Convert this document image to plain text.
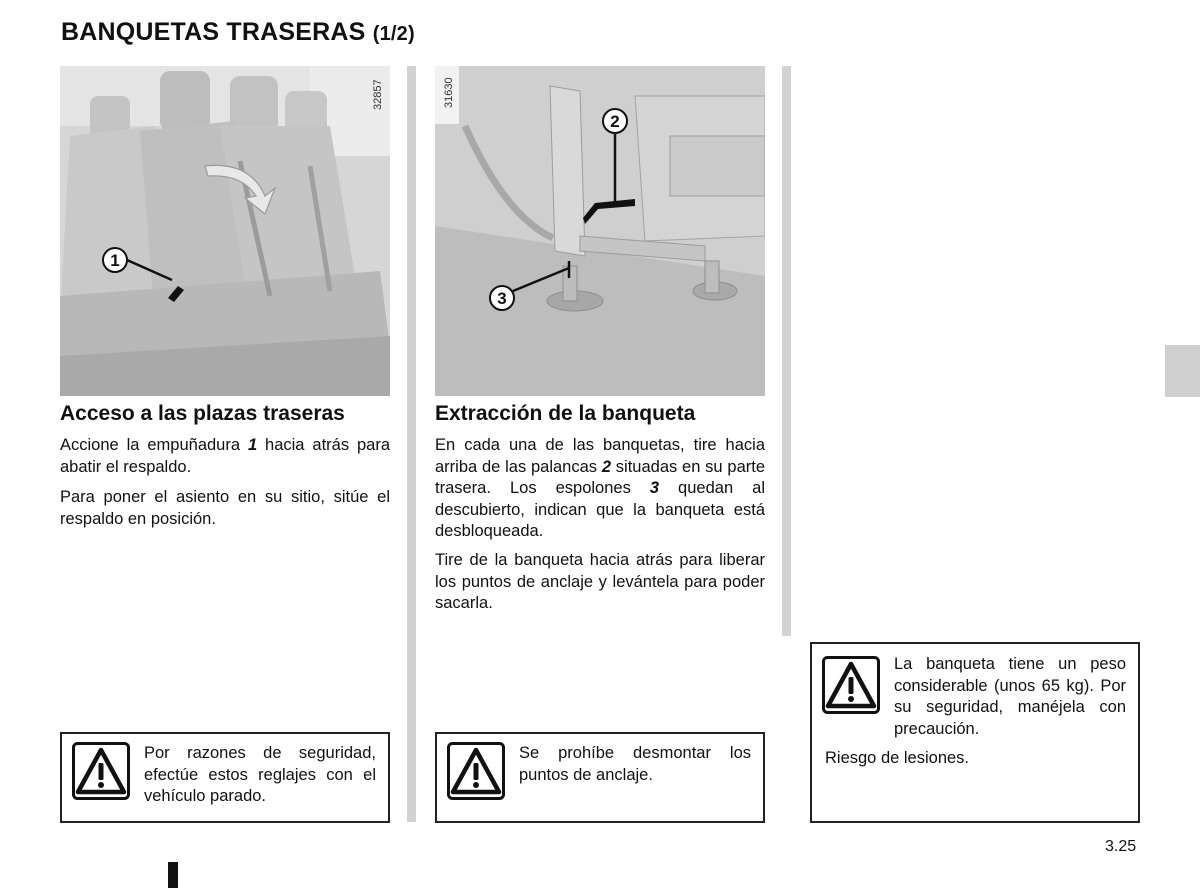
BANQUETAS TRASERAS (1/2)
1
32857
2
3
31630
Acceso a las plazas traseras

Accione la empuñadura 1 hacia atrás para abatir el respaldo.

Para poner el asiento en su sitio, sitúe el respaldo en posición.

Extracción de la banqueta

En cada una de las banquetas, tire hacia arriba de las palancas 2 situadas en su parte trasera. Los espolones 3 quedan al descubierto, indican que la banqueta está desbloqueada.

Tire de la banqueta hacia atrás para liberar los puntos de anclaje y levántela para poder sacarla.

Por razones de seguridad, efectúe estos reglajes con el vehículo parado.

Se prohíbe desmontar los puntos de anclaje.

La banqueta tiene un peso considerable (unos 65 kg). Por su seguridad, manéjela con precaución.

Riesgo de lesiones.

3.25
